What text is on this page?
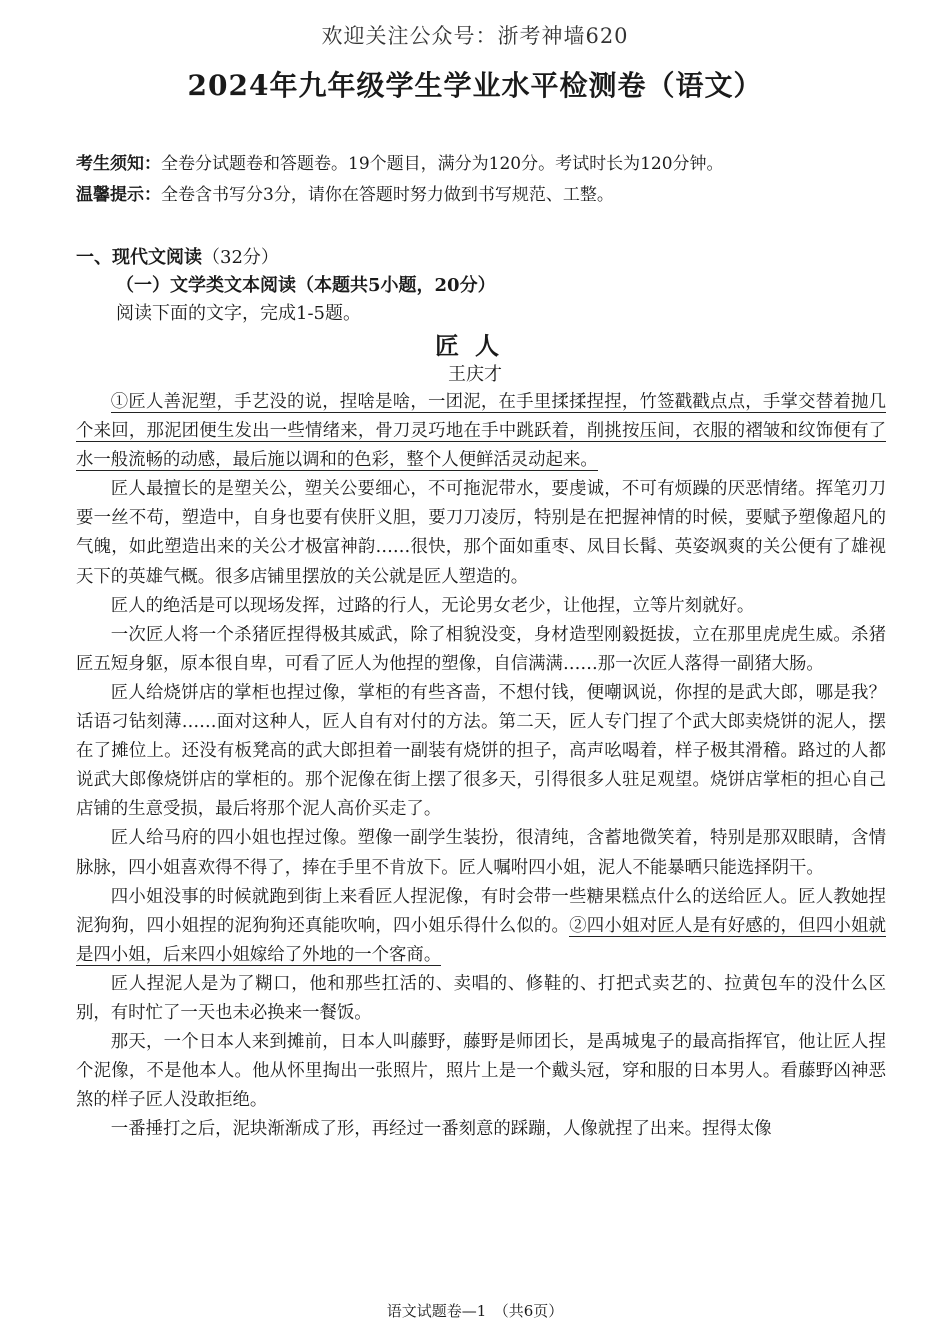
欢迎关注公众号：浙考神墙620
2024年九年级学生学业水平检测卷（语文）
考生须知：全卷分试题卷和答题卷。19个题目，满分为120分。考试时长为120分钟。
温馨提示：全卷含书写分3分，请你在答题时努力做到书写规范、工整。
一、现代文阅读（32分）
（一）文学类文本阅读（本题共5小题，20分）
阅读下面的文字，完成1-5题。
匠人
王庆才

①匠人善泥塑，手艺没的说，捏啥是啥，一团泥，在手里揉揉捏捏，竹签戳戳点点，手掌交替着抛几个来回，那泥团便生发出一些情绪来，骨刀灵巧地在手中跳跃着，削挑按压间，衣服的褶皱和纹饰便有了水一般流畅的动感，最后施以调和的色彩，整个人便鲜活灵动起来。

匠人最擅长的是塑关公，塑关公要细心，不可拖泥带水，要虔诚，不可有烦躁的厌恶情绪。挥笔刃刀要一丝不苟，塑造中，自身也要有侠肝义胆，要刀刀凌厉，特别是在把握神情的时候，要赋予塑像超凡的气魄，如此塑造出来的关公才极富神韵……很快，那个面如重枣、凤目长髯、英姿飒爽的关公便有了雄视天下的英雄气概。很多店铺里摆放的关公就是匠人塑造的。

匠人的绝活是可以现场发挥，过路的行人，无论男女老少，让他捏，立等片刻就好。

一次匠人将一个杀猪匠捏得极其威武，除了相貌没变，身材造型刚毅挺拔，立在那里虎虎生威。杀猪匠五短身躯，原本很自卑，可看了匠人为他捏的塑像，自信满满……那一次匠人落得一副猪大肠。

匠人给烧饼店的掌柜也捏过像，掌柜的有些吝啬，不想付钱，便嘲讽说，你捏的是武大郎，哪是我？话语刁钻刻薄……面对这种人，匠人自有对付的方法。第二天，匠人专门捏了个武大郎卖烧饼的泥人，摆在了摊位上。还没有板凳高的武大郎担着一副装有烧饼的担子，高声吆喝着，样子极其滑稽。路过的人都说武大郎像烧饼店的掌柜的。那个泥像在街上摆了很多天，引得很多人驻足观望。烧饼店掌柜的担心自己店铺的生意受损，最后将那个泥人高价买走了。

匠人给马府的四小姐也捏过像。塑像一副学生装扮，很清纯，含蓄地微笑着，特别是那双眼睛，含情脉脉，四小姐喜欢得不得了，捧在手里不肯放下。匠人嘱咐四小姐，泥人不能暴晒只能选择阴干。

四小姐没事的时候就跑到街上来看匠人捏泥像，有时会带一些糖果糕点什么的送给匠人。匠人教她捏泥狗狗，四小姐捏的泥狗狗还真能吹响，四小姐乐得什么似的。②四小姐对匠人是有好感的，但四小姐就是四小姐，后来四小姐嫁给了外地的一个客商。

匠人捏泥人是为了糊口，他和那些扛活的、卖唱的、修鞋的、打把式卖艺的、拉黄包车的没什么区别，有时忙了一天也未必换来一餐饭。

那天，一个日本人来到摊前，日本人叫藤野，藤野是师团长，是禹城鬼子的最高指挥官，他让匠人捏个泥像，不是他本人。他从怀里掏出一张照片，照片上是一个戴头冠，穿和服的日本男人。看藤野凶神恶煞的样子匠人没敢拒绝。

一番捶打之后，泥块渐渐成了形，再经过一番刻意的踩蹦，人像就捏了出来。捏得太像

语文试题卷—1　（共6页）
